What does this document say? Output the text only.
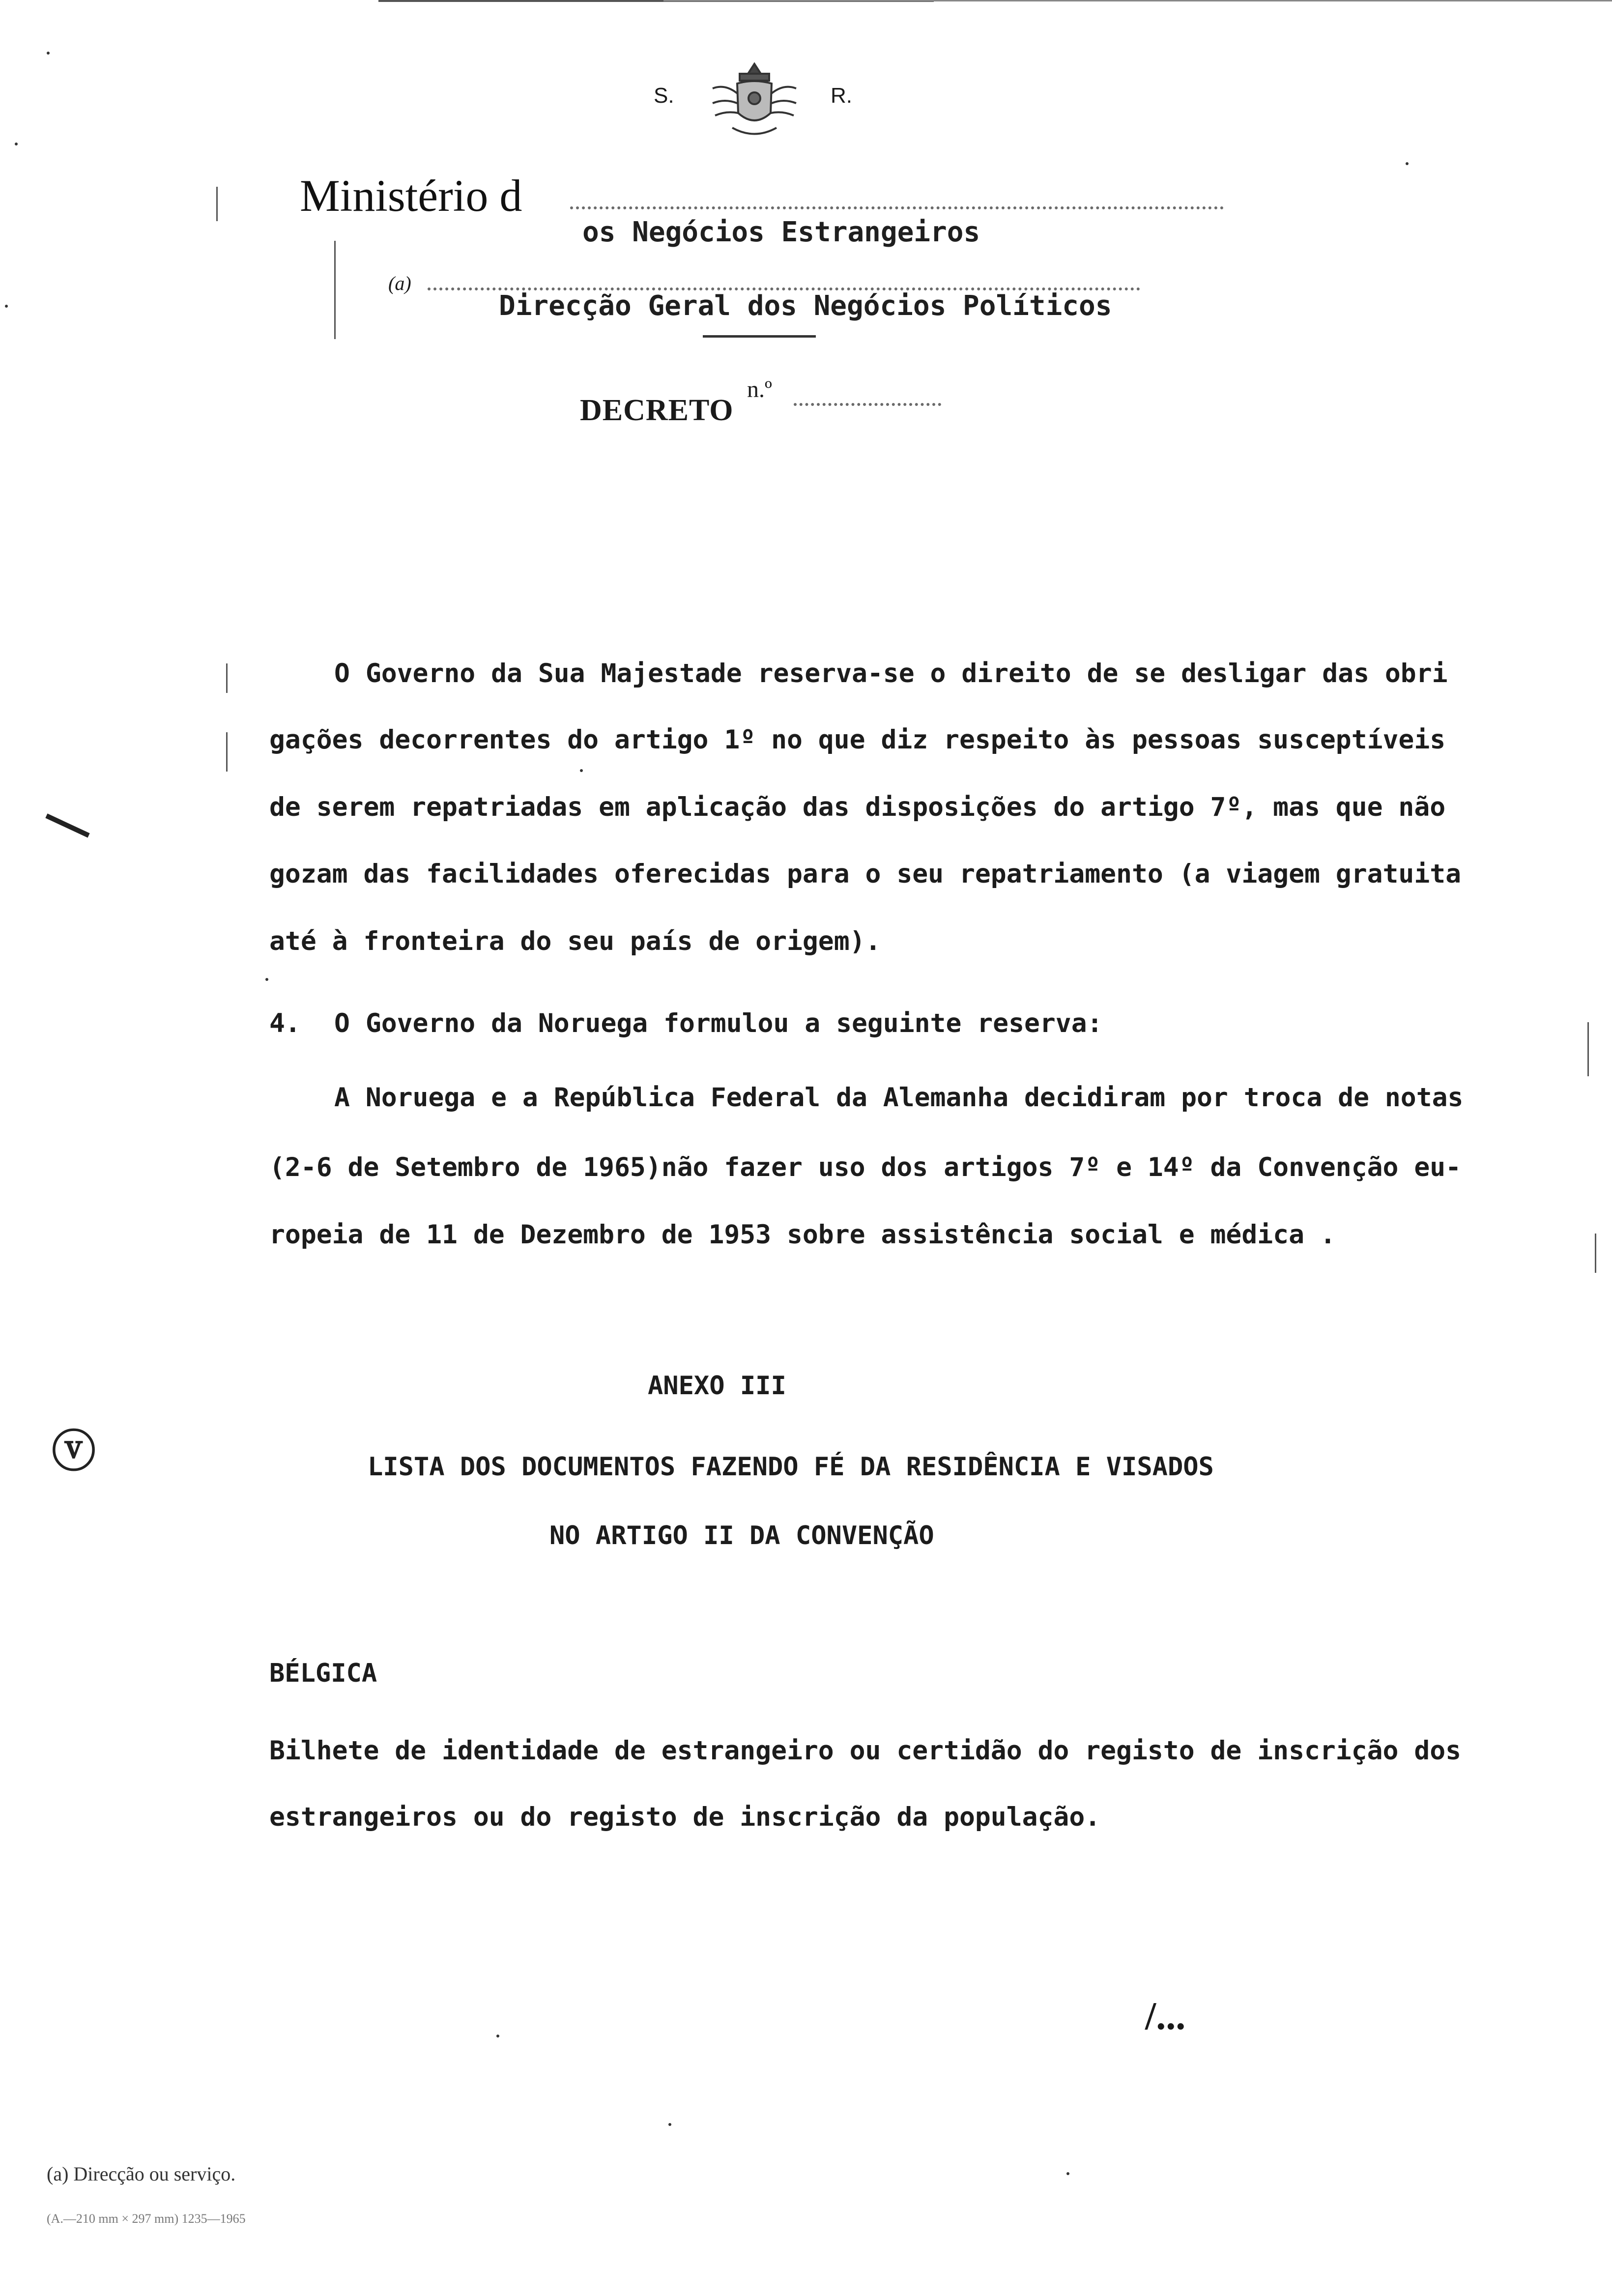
S.	R.
Ministério d
os Negócios Estrangeiros
(a)
Direcção Geral dos Negócios Políticos
DECRETO
n.º
O Governo da Sua Majestade reserva-se o direito de se desligar das obri
gações decorrentes do artigo 1º no que diz respeito às pessoas susceptíveis
de serem repatriadas em aplicação das disposições do artigo 7º, mas que não
gozam das facilidades oferecidas para o seu repatriamento (a viagem gratuita
até à fronteira do seu país de origem).
4. O Governo da Noruega formulou a seguinte reserva:
A Noruega e a República Federal da Alemanha decidiram por troca de notas
(2-6 de Setembro de 1965)não fazer uso dos artigos 7º e 14º da Convenção eu-
ropeia de 11 de Dezembro de 1953 sobre assistência social e médica .
ANEXO III
LISTA DOS DOCUMENTOS FAZENDO FÉ DA RESIDÊNCIA E VISADOS
NO ARTIGO II DA CONVENÇÃO
BÉLGICA
Bilhete de identidade de estrangeiro ou certidão do registo de inscrição dos
estrangeiros ou do registo de inscrição da população.
/...
(a) Direcção ou serviço.
(A.—210 mm × 297 mm) 1235—1965
ⓥ
